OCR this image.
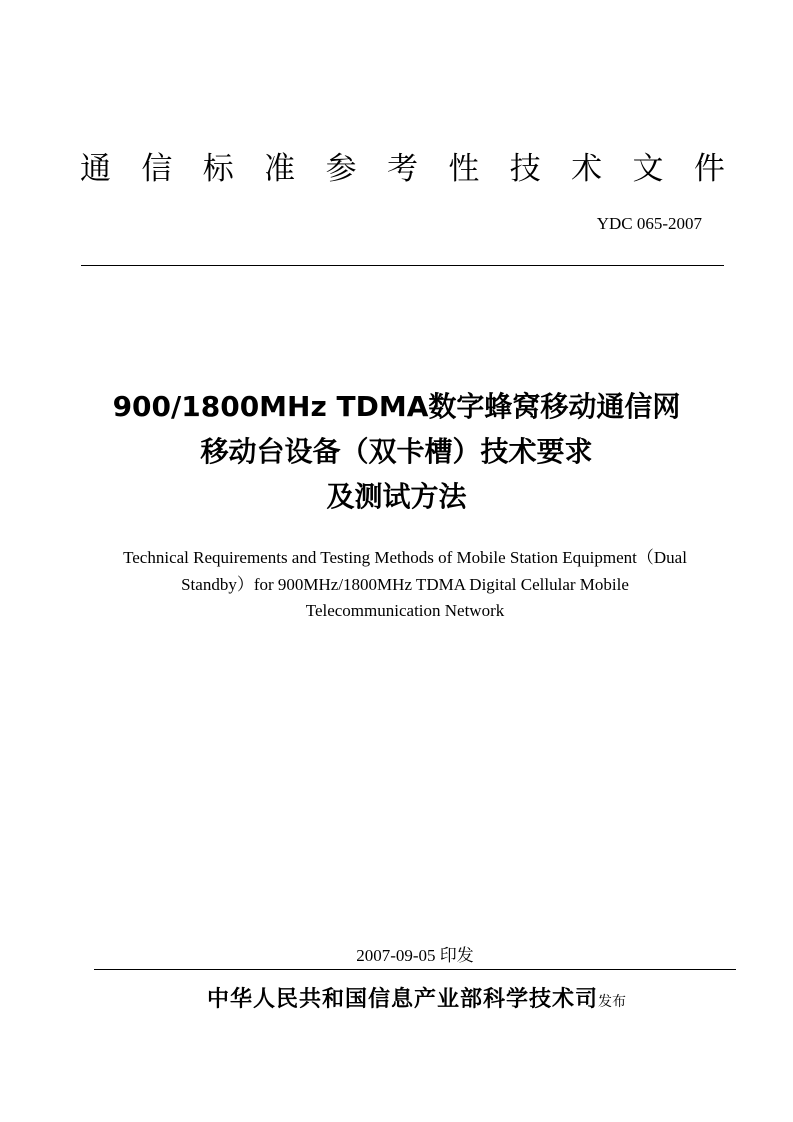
通 信 标 准 参 考 性 技 术 文 件
YDC 065-2007
900/1800MHz TDMA数字蜂窝移动通信网
移动台设备（双卡槽）技术要求
及测试方法
Technical Requirements and Testing Methods of Mobile Station Equipment（Dual
Standby）for 900MHz/1800MHz TDMA Digital Cellular Mobile
Telecommunication Network
2007-09-05 印发
中华人民共和国信息产业部科学技术司发布
